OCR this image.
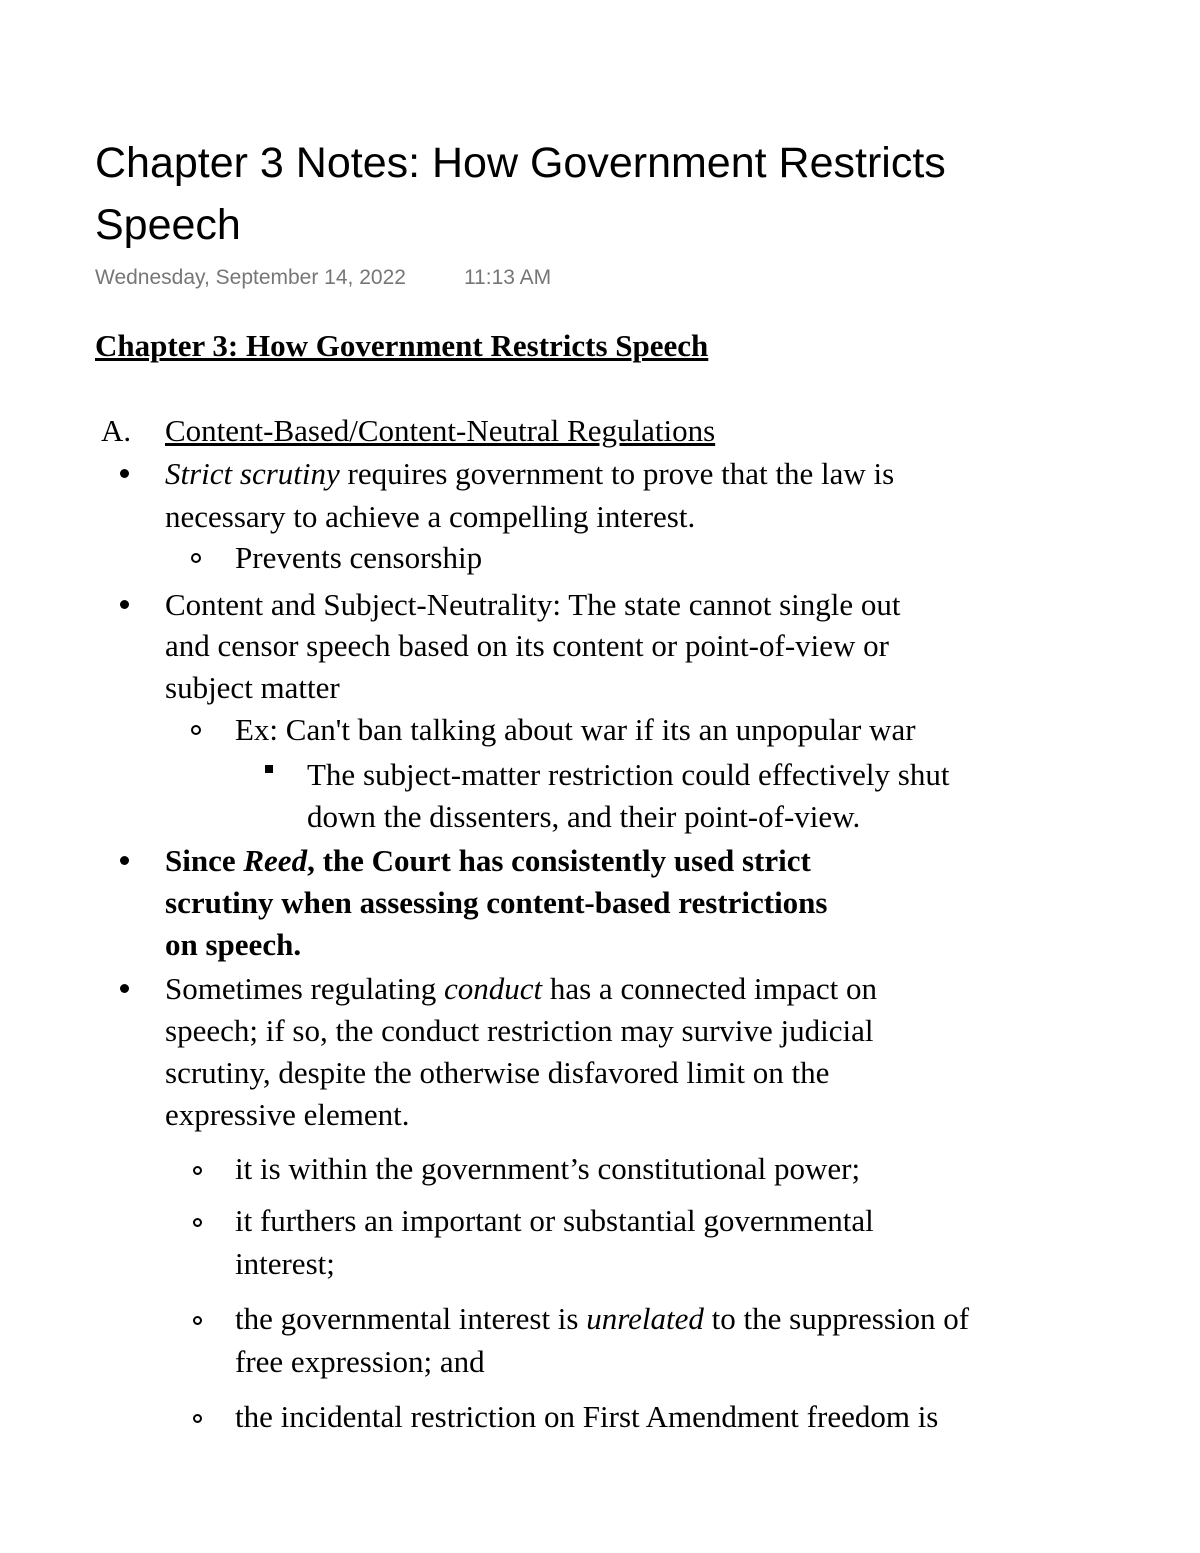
Chapter 3 Notes: How Government Restricts Speech
Wednesday, September 14, 2022	11:13 AM
Chapter 3: How Government Restricts Speech
A. Content-Based/Content-Neutral Regulations
Strict scrutiny requires government to prove that the law is
necessary to achieve a compelling interest.
Prevents censorship
Content and Subject-Neutrality: The state cannot single out
and censor speech based on its content or point-of-view or
subject matter
Ex: Can't ban talking about war if its an unpopular war
The subject-matter restriction could effectively shut
down the dissenters, and their point-of-view.
Since Reed, the Court has consistently used strict
scrutiny when assessing content-based restrictions
on speech.
Sometimes regulating conduct has a connected impact on
speech; if so, the conduct restriction may survive judicial
scrutiny, despite the otherwise disfavored limit on the
expressive element.
it is within the government’s constitutional power;
it furthers an important or substantial governmental
interest;
the governmental interest is unrelated to the suppression of
free expression; and
the incidental restriction on First Amendment freedom is
